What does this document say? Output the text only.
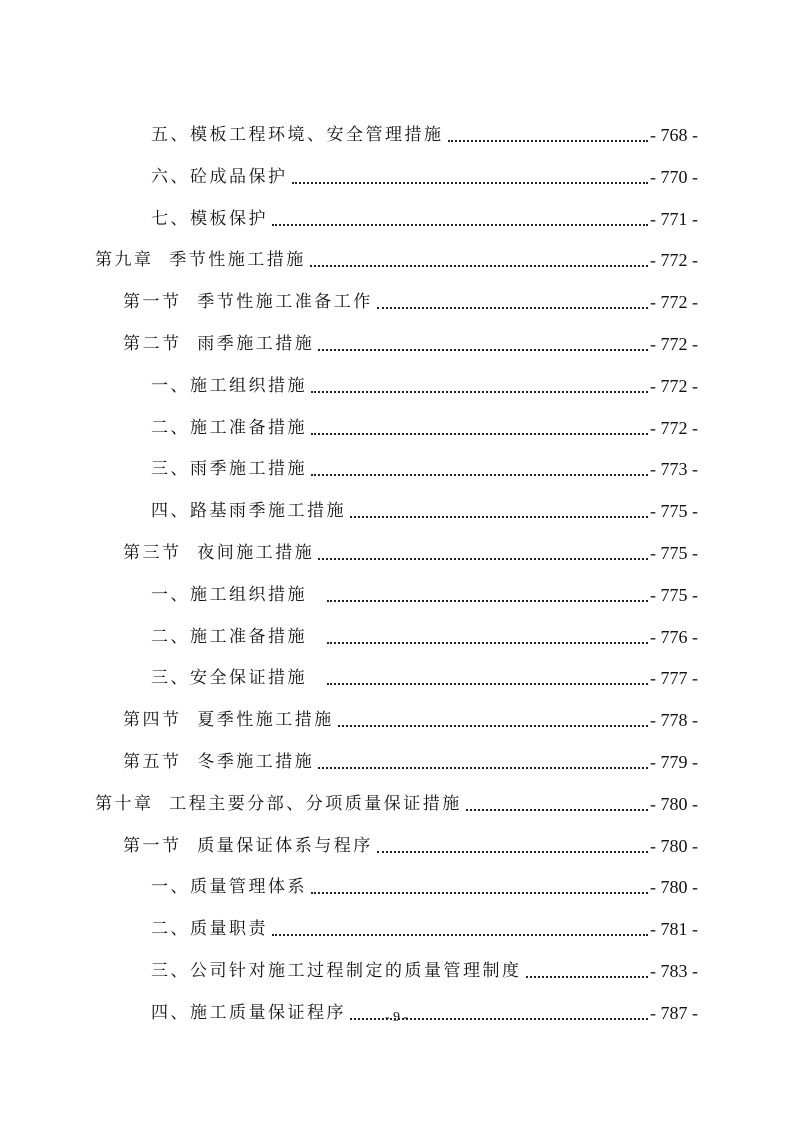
五、模板工程环境、安全管理措施	- 768 -
六、砼成品保护	- 770 -
七、模板保护	- 771 -
第九章  季节性施工措施	- 772 -
第一节  季节性施工准备工作	- 772 -
第二节  雨季施工措施	- 772 -
一、施工组织措施	- 772 -
二、施工准备措施	- 772 -
三、雨季施工措施	- 773 -
四、路基雨季施工措施	- 775 -
第三节  夜间施工措施	- 775 -
一、施工组织措施	- 775 -
二、施工准备措施	- 776 -
三、安全保证措施	- 777 -
第四节  夏季性施工措施	- 778 -
第五节  冬季施工措施	- 779 -
第十章  工程主要分部、分项质量保证措施	- 780 -
第一节  质量保证体系与程序	- 780 -
一、质量管理体系	- 780 -
二、质量职责	- 781 -
三、公司针对施工过程制定的质量管理制度	- 783 -
四、施工质量保证程序	- 787 -
- 9 -
